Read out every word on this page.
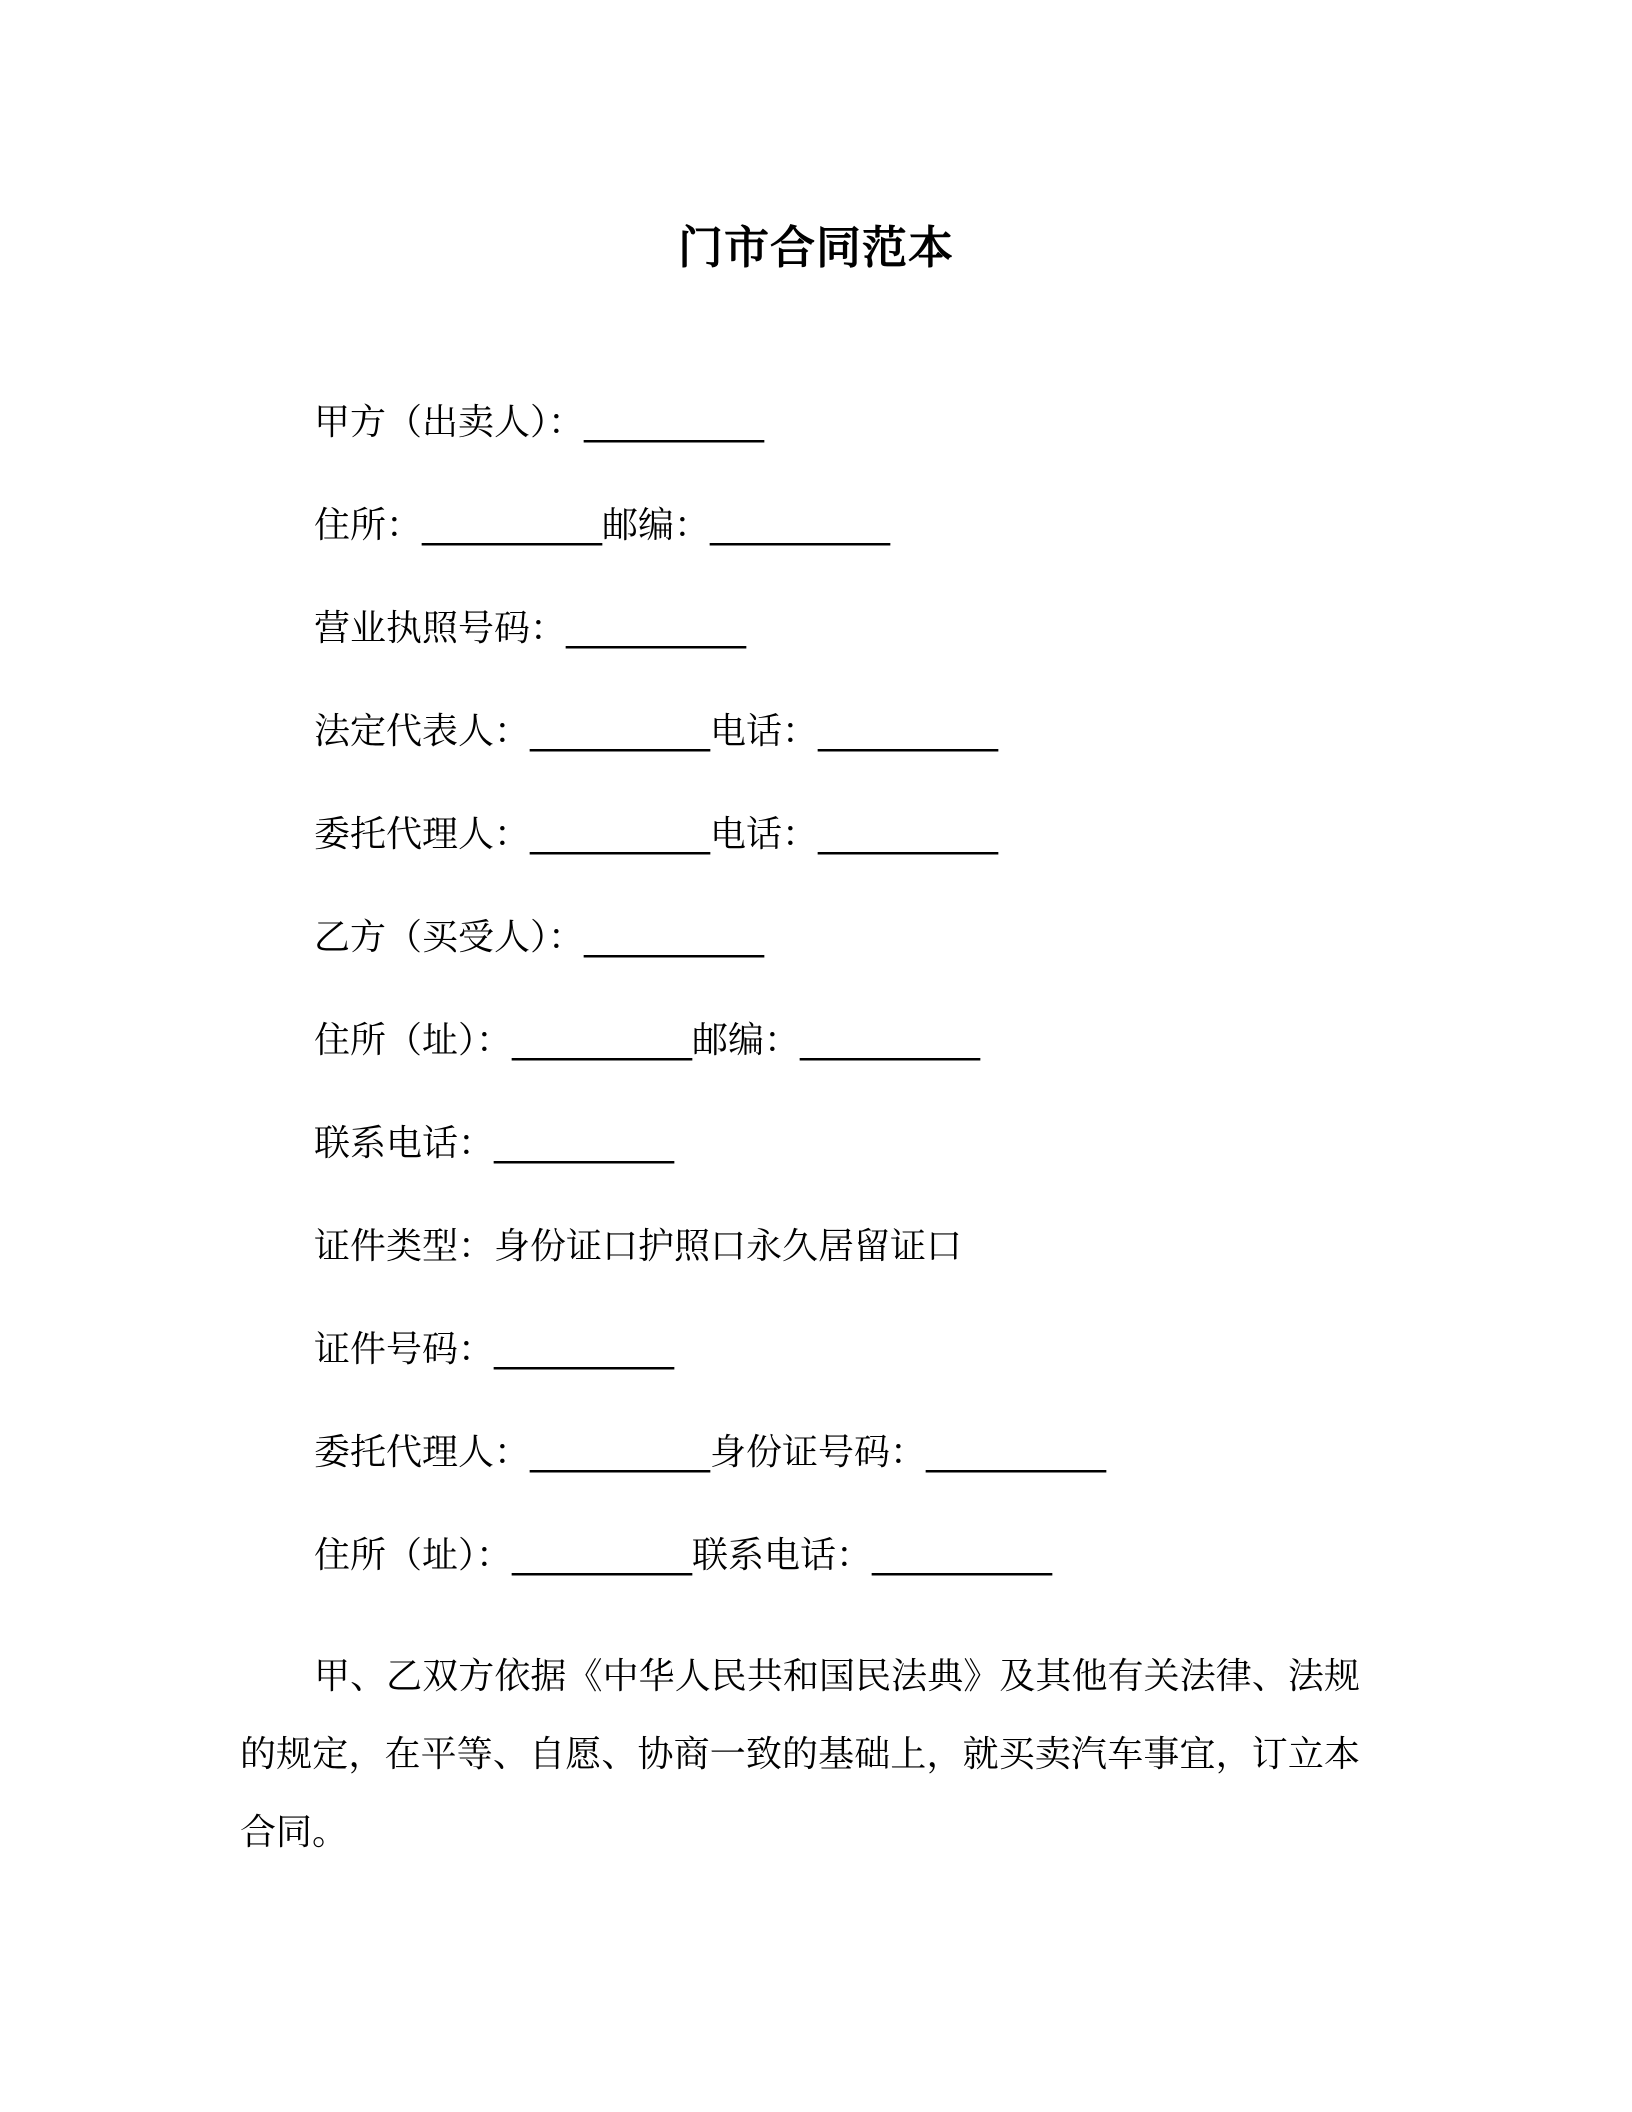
门市合同范本
甲方（出卖人）：__________
住所：__________邮编：__________
营业执照号码：__________
法定代表人：__________电话：__________
委托代理人：__________电话：__________
乙方（买受人）：__________
住所（址）：__________邮编：__________
联系电话：__________
证件类型：身份证口护照口永久居留证口
证件号码：__________
委托代理人：__________身份证号码：__________
住所（址）：__________联系电话：__________
甲、乙双方依据《中华人民共和国民法典》及其他有关法律、法规的规定，在平等、自愿、协商一致的基础上，就买卖汽车事宜，订立本合同。
